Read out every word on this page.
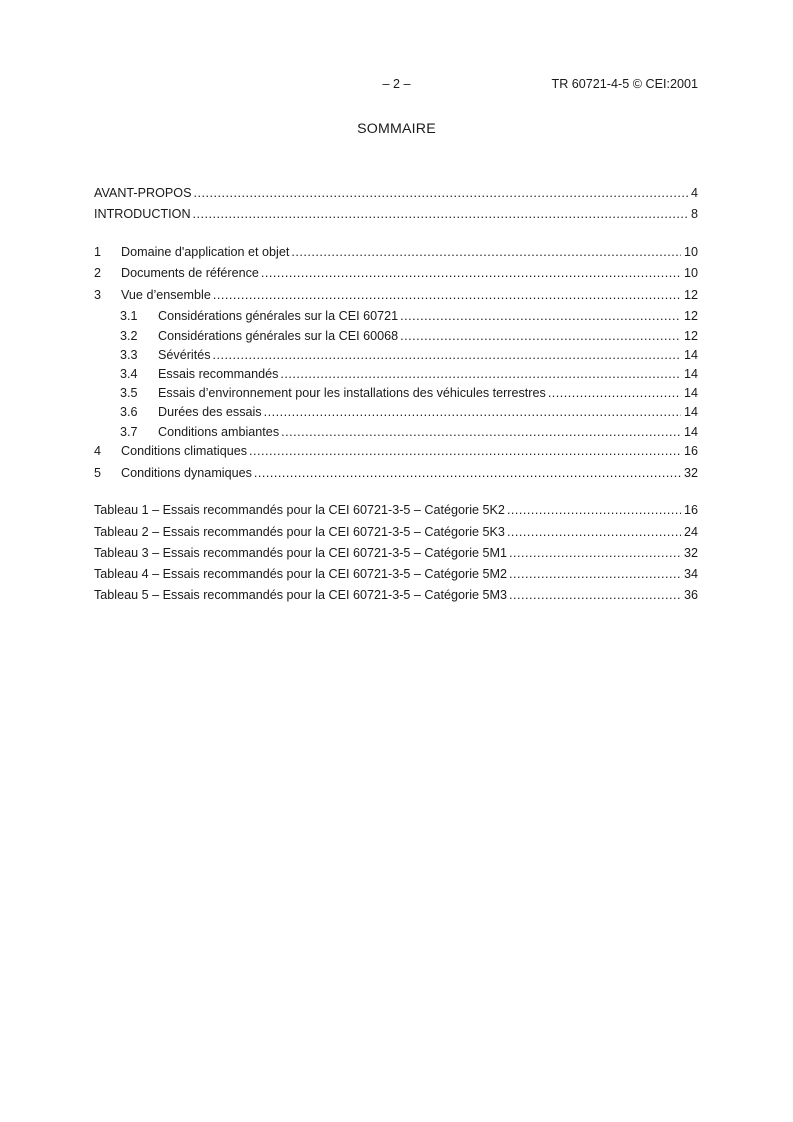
– 2 –	TR 60721-4-5 © CEI:2001
SOMMAIRE
AVANT-PROPOS .....	4
INTRODUCTION .....	8
1	Domaine d'application et objet .....	10
2	Documents de référence .....	10
3	Vue d’ensemble .....	12
3.1	Considérations générales sur la CEI 60721 .....	12
3.2	Considérations générales sur la CEI 60068 .....	12
3.3	Sévérités .....	14
3.4	Essais recommandés .....	14
3.5	Essais d’environnement pour les installations des véhicules terrestres .....	14
3.6	Durées des essais .....	14
3.7	Conditions ambiantes .....	14
4	Conditions climatiques .....	16
5	Conditions dynamiques .....	32
Tableau 1 – Essais recommandés pour la CEI 60721-3-5 – Catégorie 5K2 .....	16
Tableau 2 – Essais recommandés pour la CEI 60721-3-5 – Catégorie 5K3 .....	24
Tableau 3 – Essais recommandés pour la CEI 60721-3-5 – Catégorie 5M1 .....	32
Tableau 4 – Essais recommandés pour la CEI 60721-3-5 – Catégorie 5M2 .....	34
Tableau 5 – Essais recommandés pour la CEI 60721-3-5 – Catégorie 5M3 .....	36
